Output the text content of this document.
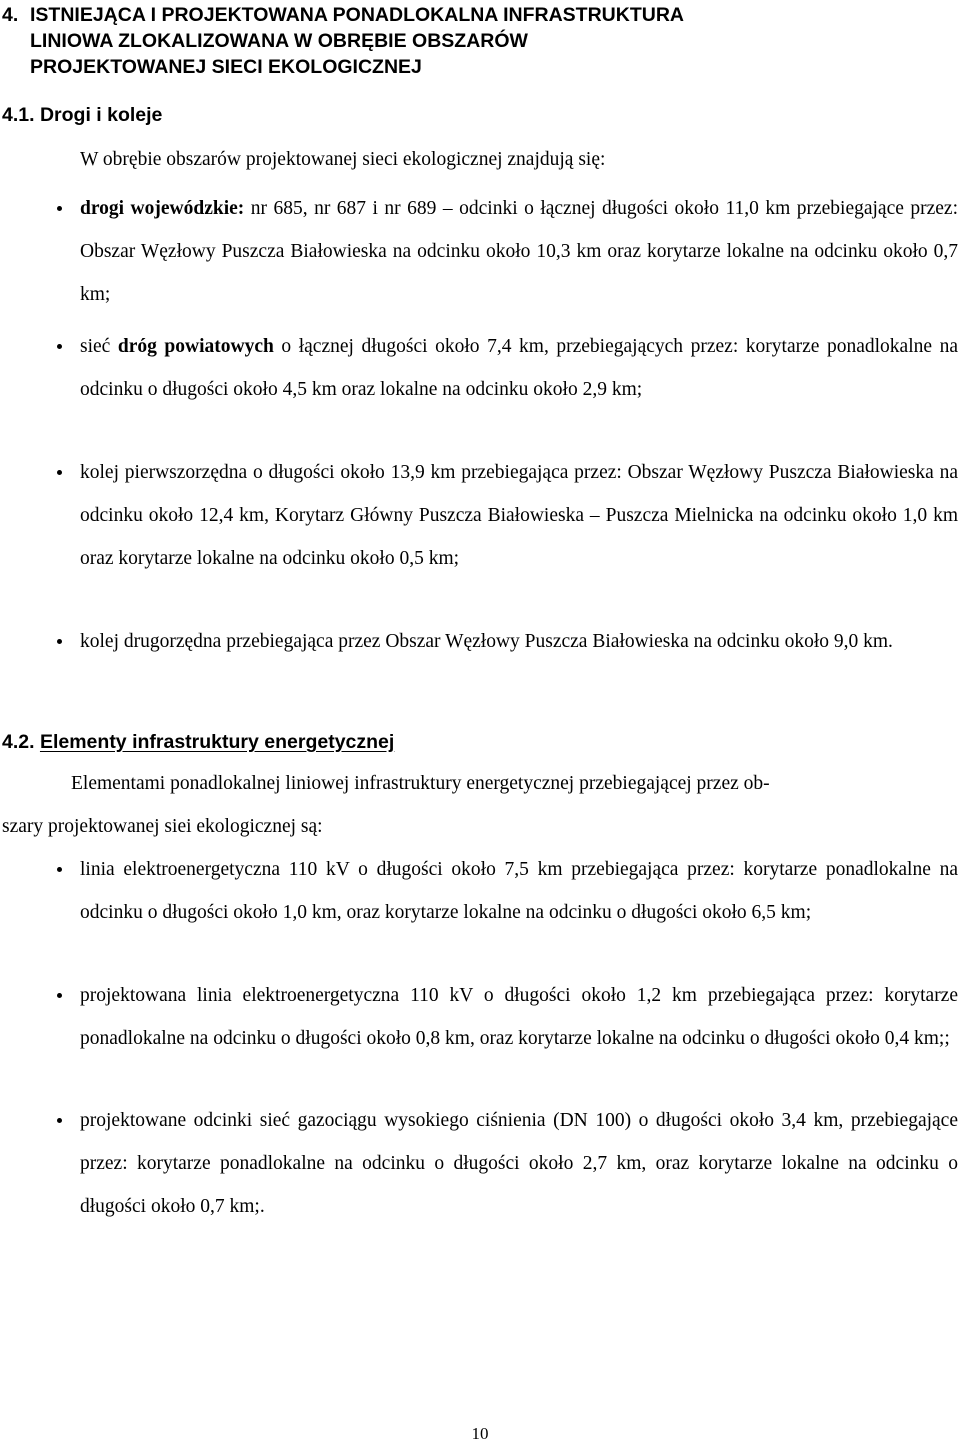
4. ISTNIEJĄCA I PROJEKTOWANA PONADLOKALNA INFRASTRUKTURA
LINIOWA ZLOKALIZOWANA W OBRĘBIE OBSZARÓW
PROJEKTOWANEJ SIECI EKOLOGICZNEJ
4.1. Drogi i koleje

W obrębie obszarów projektowanej sieci ekologicznej znajdują się:

drogi wojewódzkie: nr 685, nr 687 i nr 689 – odcinki o łącznej długości około 11,0 km przebiegające przez: Obszar Węzłowy Puszcza Białowieska na odcinku około 10,3 km oraz korytarze lokalne na odcinku około 0,7 km;

sieć dróg powiatowych o łącznej długości około 7,4 km, przebiegających przez: korytarze ponadlokalne na odcinku o długości około 4,5 km oraz lokalne na odcinku około 2,9 km;

kolej pierwszorzędna o długości około 13,9 km przebiegająca przez: Obszar Węzłowy Puszcza Białowieska na odcinku około 12,4 km, Korytarz Główny Puszcza Białowieska – Puszcza Mielnicka na odcinku około 1,0 km oraz korytarze lokalne na odcinku około 0,5 km;

kolej drugorzędna przebiegająca przez Obszar Węzłowy Puszcza Białowieska na odcinku około 9,0 km.

4.2. Elementy infrastruktury energetycznej

Elementami ponadlokalnej liniowej infrastruktury energetycznej przebiegającej przez ob-

szary projektowanej siei ekologicznej są:

linia elektroenergetyczna 110 kV o długości około 7,5 km przebiegająca przez: korytarze ponadlokalne na odcinku o długości około 1,0 km, oraz korytarze lokalne na odcinku o długości około 6,5 km;

projektowana linia elektroenergetyczna 110 kV o długości około 1,2 km przebiegająca przez: korytarze ponadlokalne na odcinku o długości około 0,8 km, oraz korytarze lokalne na odcinku o długości około 0,4 km;;

projektowane odcinki sieć gazociągu wysokiego ciśnienia (DN 100) o długości około 3,4 km, przebiegające przez: korytarze ponadlokalne na odcinku o długości około 2,7 km, oraz korytarze lokalne na odcinku o długości około 0,7 km;.

10
